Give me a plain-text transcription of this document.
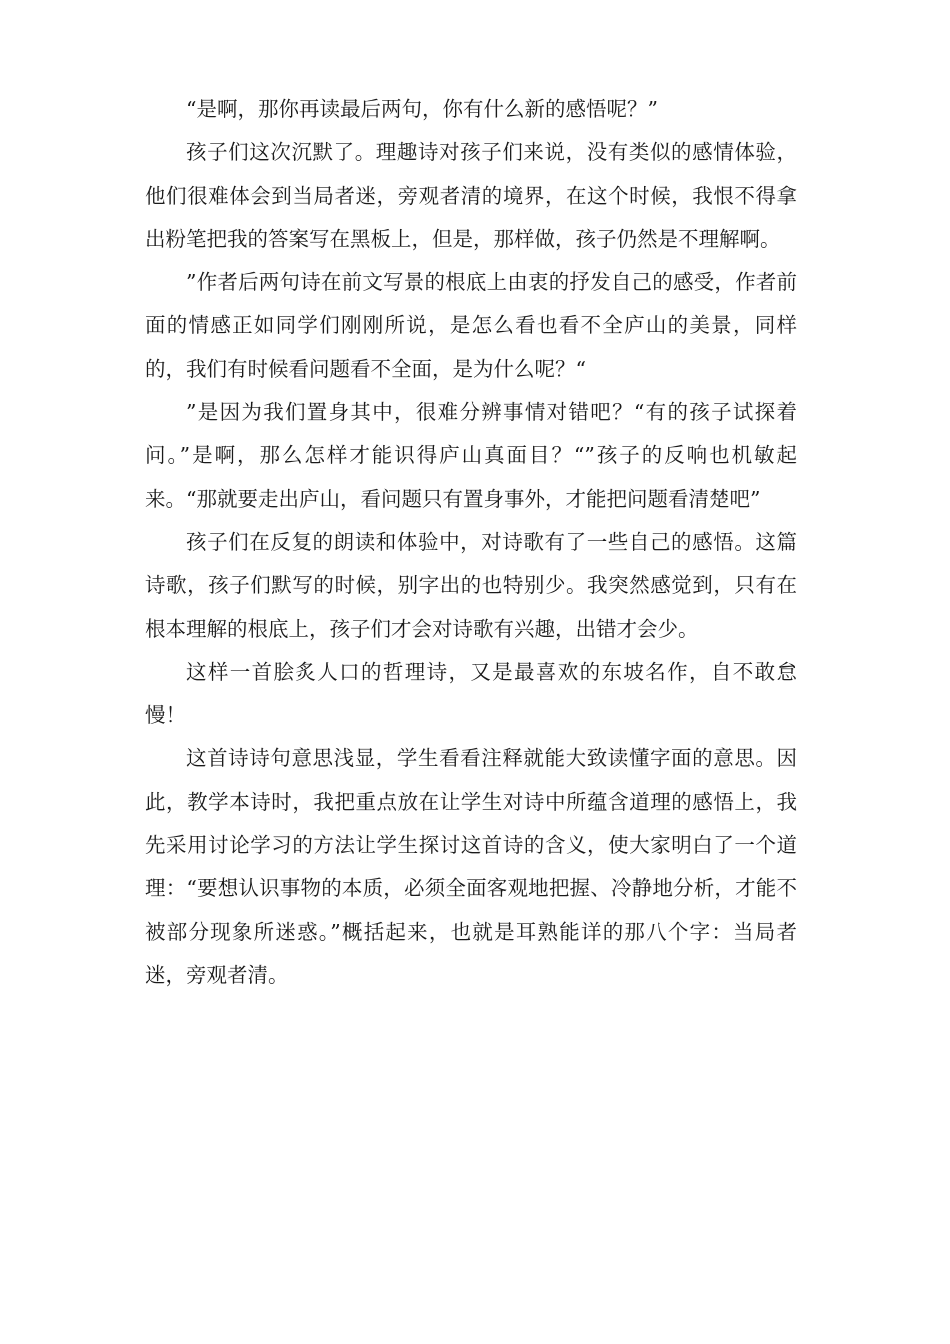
“是啊，那你再读最后两句，你有什么新的感悟呢？”

孩子们这次沉默了。理趣诗对孩子们来说，没有类似的感情体验，他们很难体会到当局者迷，旁观者清的境界，在这个时候，我恨不得拿出粉笔把我的答案写在黑板上，但是，那样做，孩子仍然是不理解啊。

”作者后两句诗在前文写景的根底上由衷的抒发自己的感受，作者前面的情感正如同学们刚刚所说，是怎么看也看不全庐山的美景，同样的，我们有时候看问题看不全面，是为什么呢？“

”是因为我们置身其中，很难分辨事情对错吧？“有的孩子试探着问。”是啊，那么怎样才能识得庐山真面目？“”孩子的反响也机敏起来。“那就要走出庐山，看问题只有置身事外，才能把问题看清楚吧”

孩子们在反复的朗读和体验中，对诗歌有了一些自己的感悟。这篇诗歌，孩子们默写的时候，别字出的也特别少。我突然感觉到，只有在根本理解的根底上，孩子们才会对诗歌有兴趣，出错才会少。

这样一首脍炙人口的哲理诗，又是最喜欢的东坡名作，自不敢怠慢！

这首诗诗句意思浅显，学生看看注释就能大致读懂字面的意思。因此，教学本诗时，我把重点放在让学生对诗中所蕴含道理的感悟上，我先采用讨论学习的方法让学生探讨这首诗的含义，使大家明白了一个道理：“要想认识事物的本质，必须全面客观地把握、冷静地分析，才能不被部分现象所迷惑。”概括起来，也就是耳熟能详的那八个字：当局者迷，旁观者清。
